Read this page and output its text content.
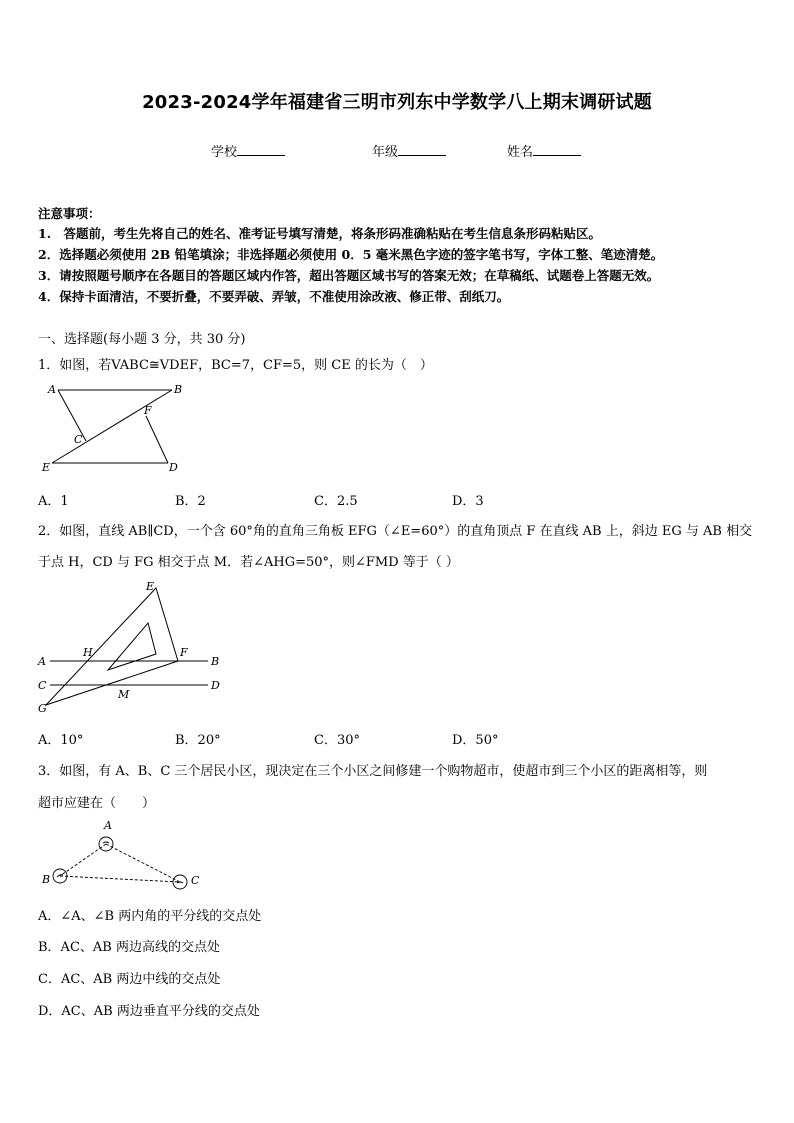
2023-2024学年福建省三明市列东中学数学八上期末调研试题
学校	年级	姓名
注意事项：
1.　答题前，考生先将自己的姓名、准考证号填写清楚，将条形码准确粘贴在考生信息条形码粘贴区。
2．选择题必须使用 2B 铅笔填涂；非选择题必须使用 0．5 毫米黑色字迹的签字笔书写，字体工整、笔迹清楚。
3．请按照题号顺序在各题目的答题区域内作答，超出答题区域书写的答案无效；在草稿纸、试题卷上答题无效。
4．保持卡面清洁，不要折叠，不要弄破、弄皱，不准使用涂改液、修正带、刮纸刀。
一、选择题(每小题 3 分，共 30 分)
1．如图，若VABC≅VDEF，BC=7，CF=5，则 CE 的长为（　）
A	B
F
C
E	D
A．1	B．2	C．2.5	D．3
2．如图，直线 AB∥CD，一个含 60°角的直角三角板 EFG（∠E=60°）的直角顶点 F 在直线 AB 上，斜边 EG 与 AB 相交
于点 H，CD 与 FG 相交于点 M．若∠AHG=50°，则∠FMD 等于（ ）
E
H	F
A	B
C	D
M
G
A．10°	B．20°	C．30°	D．50°
3．如图，有 A、B、C 三个居民小区，现决定在三个小区之间修建一个购物超市，使超市到三个小区的距离相等，则
超市应建在（　　）
A
B	C
A．∠A、∠B 两内角的平分线的交点处
B．AC、AB 两边高线的交点处
C．AC、AB 两边中线的交点处
D．AC、AB 两边垂直平分线的交点处
